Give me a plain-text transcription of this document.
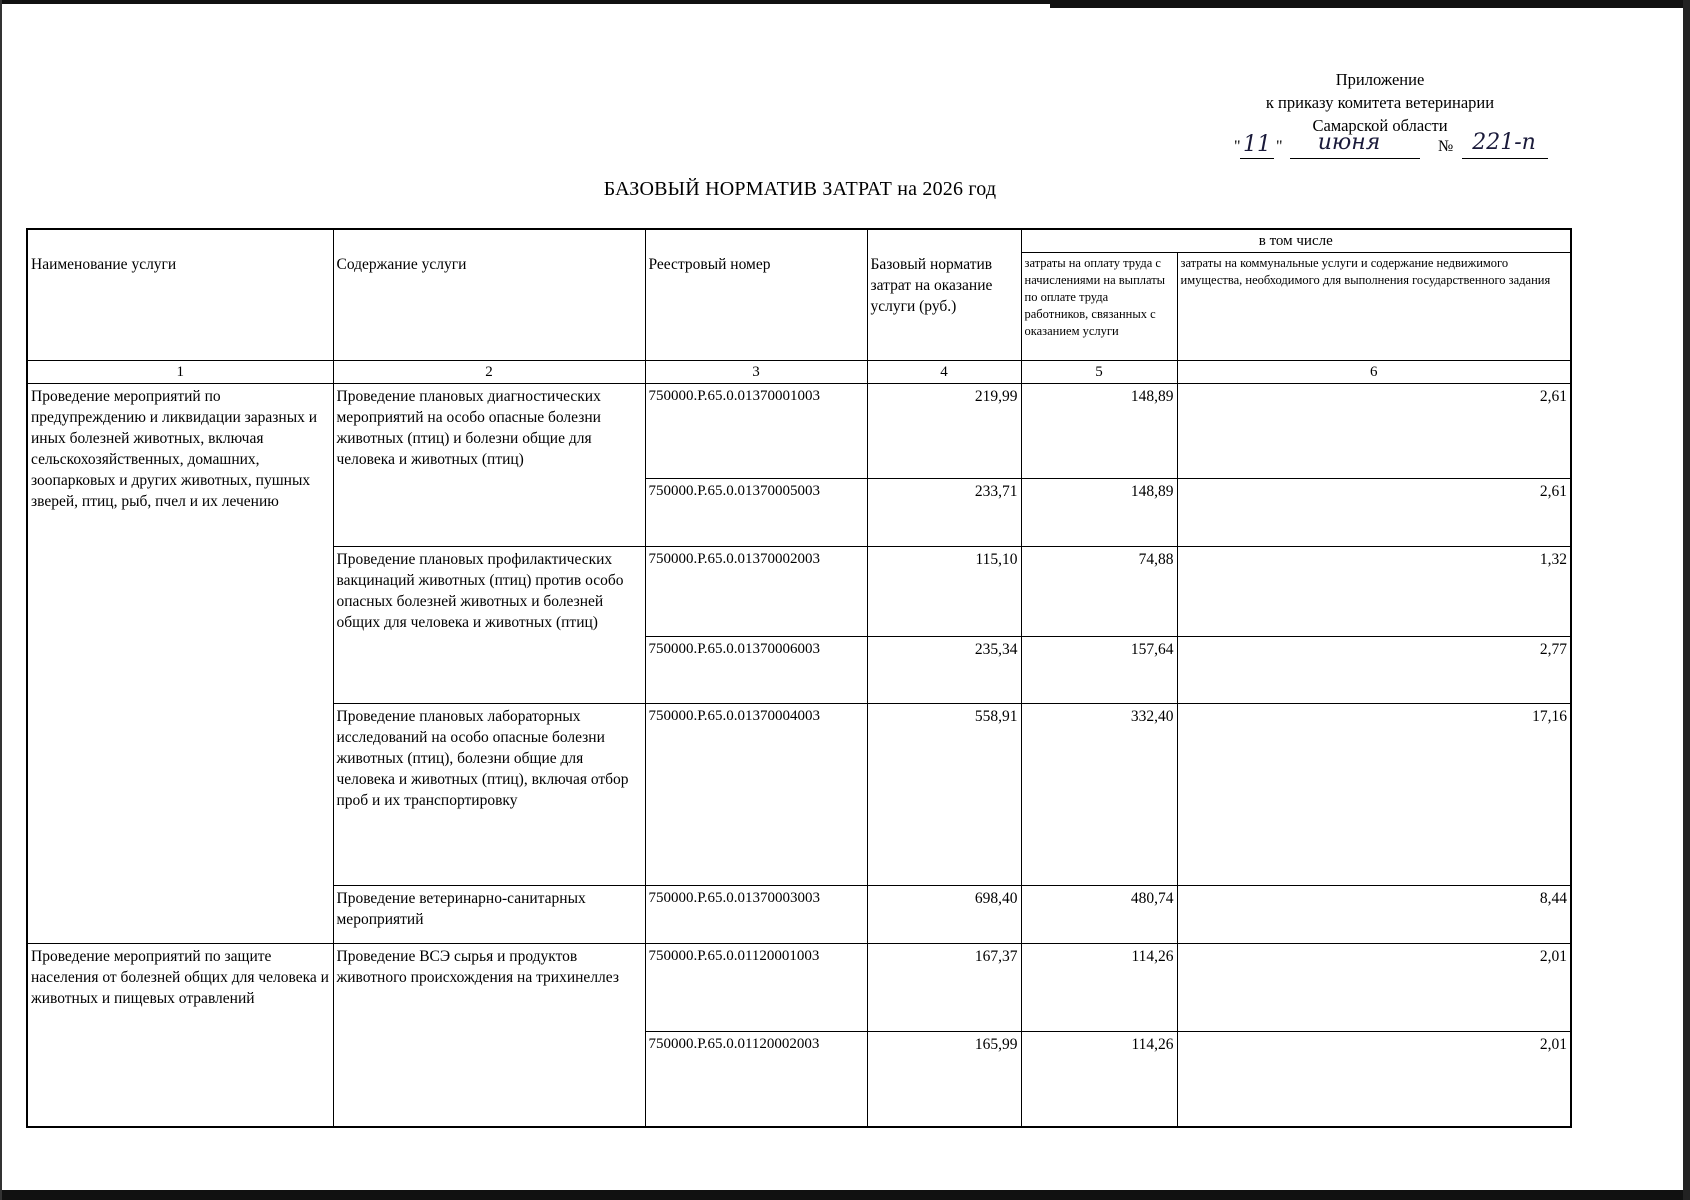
Приложение
к приказу комитета ветеринарии
Самарской области
" 11 "	июня	№ 221-п
БАЗОВЫЙ НОРМАТИВ ЗАТРАТ на 2026 год
Наименование услуги	Содержание услуги	Реестровый номер	Базовый норматив затрат на оказание услуги (руб.)	в том числе	
				затраты на оплату труда с начислениями на выплаты по оплате труда работников, связанных с оказанием услуги	затраты на коммунальные услуги и содержание недвижимого имущества, необходимого для выполнения государственного задания
1	2	3	4	5	6
Проведение мероприятий по предупреждению и ликвидации заразных и иных болезней животных, включая сельскохозяйственных, домашних, зоопарковых и других животных, пушных зверей, птиц, рыб, пчел и их лечению	Проведение плановых диагностических мероприятий на особо опасные болезни животных (птиц) и болезни общие для человека и животных (птиц)	750000.Р.65.0.01370001003	219,99	148,89	2,61
		750000.Р.65.0.01370005003	233,71	148,89	2,61
	Проведение плановых профилактических вакцинаций животных (птиц) против особо опасных болезней животных и болезней общих для человека и животных (птиц)	750000.Р.65.0.01370002003	115,10	74,88	1,32
		750000.Р.65.0.01370006003	235,34	157,64	2,77
	Проведение плановых лабораторных исследований на особо опасные болезни животных (птиц), болезни общие для человека и животных (птиц), включая отбор проб и их транспортировку	750000.Р.65.0.01370004003	558,91	332,40	17,16
	Проведение ветеринарно-санитарных мероприятий	750000.Р.65.0.01370003003	698,40	480,74	8,44
Проведение мероприятий по защите населения от болезней общих для человека и животных и пищевых отравлений	Проведение ВСЭ сырья и продуктов животного происхождения на трихинеллез	750000.Р.65.0.01120001003	167,37	114,26	2,01
		750000.Р.65.0.01120002003	165,99	114,26	2,01
